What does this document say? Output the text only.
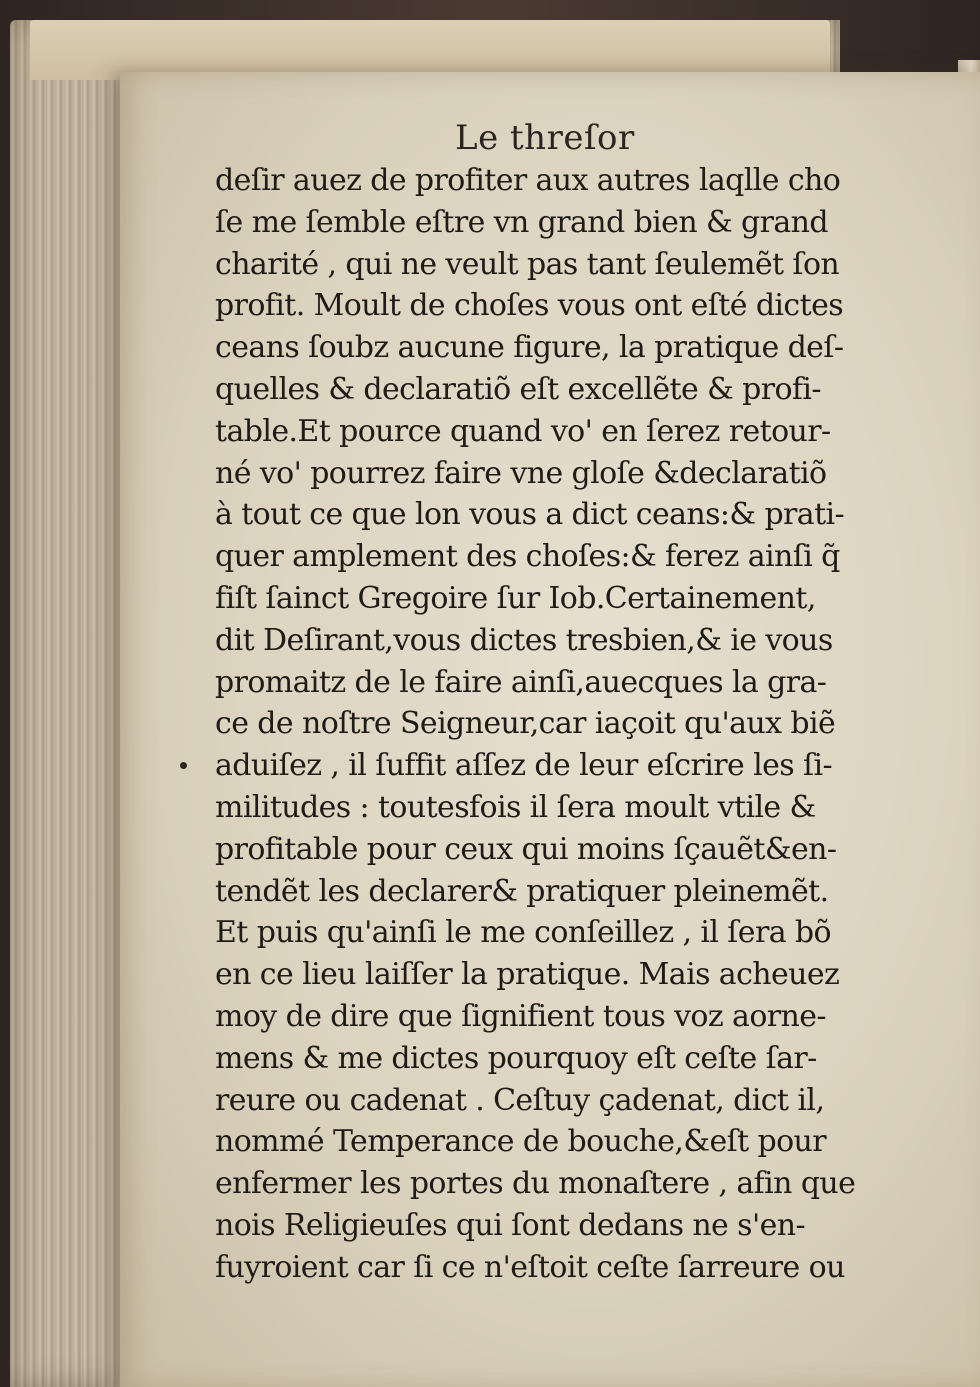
Le threſor
deſir auez de profiter aux autres laqlle cho
ſe me ſemble eſtre vn grand bien & grand
charité , qui ne veult pas tant ſeulemẽt ſon
profit. Moult de choſes vous ont eſté dictes
ceans ſoubz aucune figure, la pratique deſ-
quelles & declaratiõ eſt excellẽte & profi-
table.Et pource quand vo' en ſerez retour-
né vo' pourrez faire vne gloſe &declaratiõ
à tout ce que lon vous a dict ceans:& prati-
quer amplement des choſes:& ferez ainſi q̃
fiſt ſainct Gregoire ſur Iob.Certainement,
dit Deſirant,vous dictes tresbien,& ie vous
promaitz de le faire ainſi,auecques la gra-
ce de noſtre Seigneur,car iaçoit qu'aux biẽ
aduiſez , il ſuffit aſſez de leur eſcrire les ſi-
militudes : toutesfois il ſera moult vtile &
profitable pour ceux qui moins ſçauẽt&en-
tendẽt les declarer& pratiquer pleinemẽt.
Et puis qu'ainſi le me conſeillez , il ſera bõ
en ce lieu laiſſer la pratique. Mais acheuez
moy de dire que ſignifient tous voz aorne-
mens & me dictes pourquoy eſt ceſte ſar-
reure ou cadenat . Ceſtuy çadenat, dict il,
nommé Temperance de bouche,&eſt pour
enfermer les portes du monaſtere , afin que
nois Religieuſes qui ſont dedans ne s'en-
fuyroient car ſi ce n'eſtoit ceſte ſarreure ou
